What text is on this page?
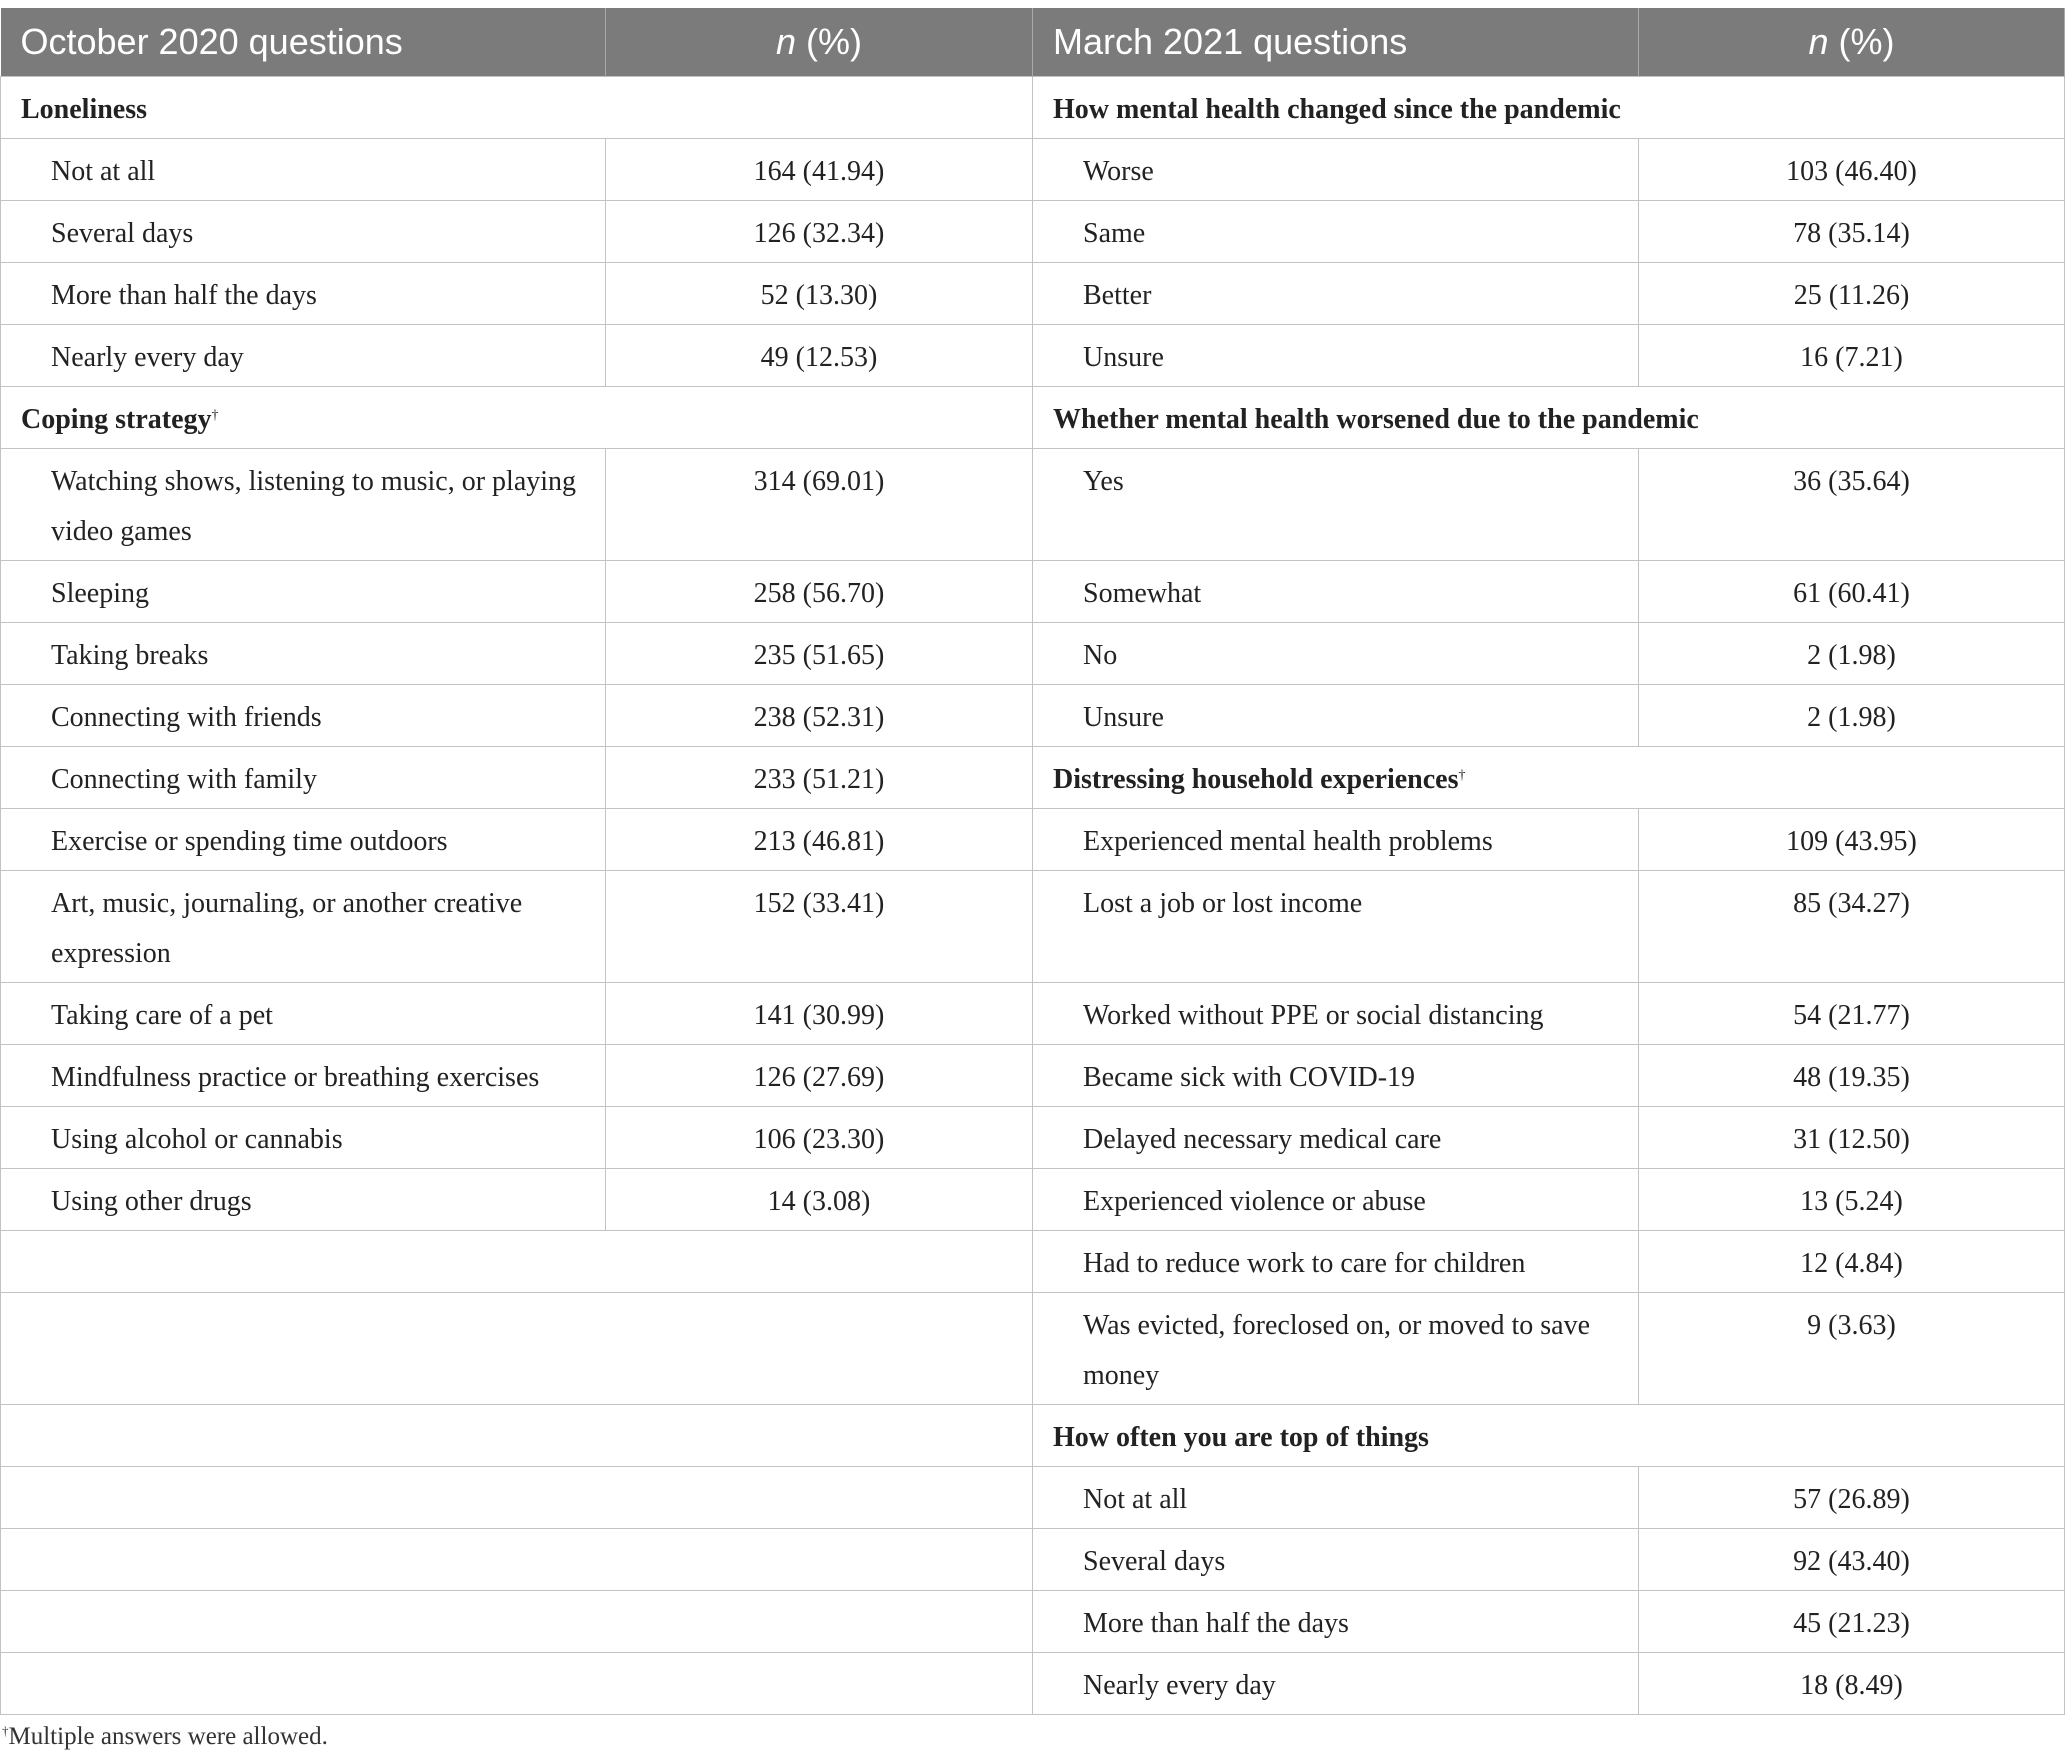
October 2020 questions	n (%)	March 2021 questions	n (%)
Loneliness		How mental health changed since the pandemic	
Not at all	164 (41.94)	Worse	103 (46.40)
Several days	126 (32.34)	Same	78 (35.14)
More than half the days	52 (13.30)	Better	25 (11.26)
Nearly every day	49 (12.53)	Unsure	16 (7.21)
Coping strategy†		Whether mental health worsened due to the pandemic	
Watching shows, listening to music, or playing video games	314 (69.01)	Yes	36 (35.64)
Sleeping	258 (56.70)	Somewhat	61 (60.41)
Taking breaks	235 (51.65)	No	2 (1.98)
Connecting with friends	238 (52.31)	Unsure	2 (1.98)
Connecting with family	233 (51.21)	Distressing household experiences†
Exercise or spending time outdoors	213 (46.81)	Experienced mental health problems	109 (43.95)
Art, music, journaling, or another creative expression	152 (33.41)	Lost a job or lost income	85 (34.27)
Taking care of a pet	141 (30.99)	Worked without PPE or social distancing	54 (21.77)
Mindfulness practice or breathing exercises	126 (27.69)	Became sick with COVID-19	48 (19.35)
Using alcohol or cannabis	106 (23.30)	Delayed necessary medical care	31 (12.50)
Using other drugs	14 (3.08)	Experienced violence or abuse	13 (5.24)
		Had to reduce work to care for children	12 (4.84)
		Was evicted, foreclosed on, or moved to save money	9 (3.63)
		How often you are top of things	
		Not at all	57 (26.89)
		Several days	92 (43.40)
		More than half the days	45 (21.23)
		Nearly every day	18 (8.49)
†Multiple answers were allowed.
